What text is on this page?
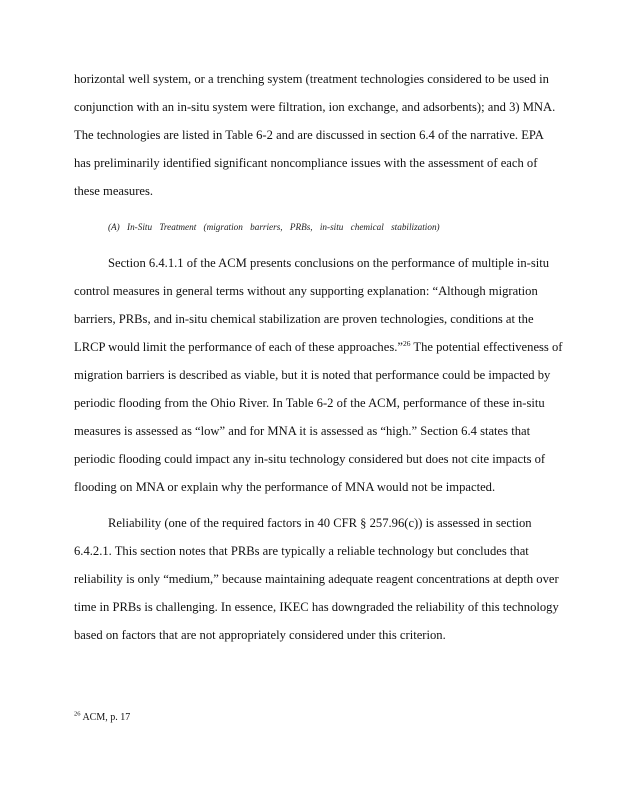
horizontal well system, or a trenching system (treatment technologies considered to be used in
conjunction with an in-situ system were filtration, ion exchange, and adsorbents); and 3) MNA.
The technologies are listed in Table 6-2 and are discussed in section 6.4 of the narrative. EPA
has preliminarily identified significant noncompliance issues with the assessment of each of
these measures.
(A) In-Situ Treatment (migration barriers, PRBs, in-situ chemical stabilization)
Section 6.4.1.1 of the ACM presents conclusions on the performance of multiple in-situ
control measures in general terms without any supporting explanation: “Although migration
barriers, PRBs, and in-situ chemical stabilization are proven technologies, conditions at the
LRCP would limit the performance of each of these approaches.”$^{26}$ The potential effectiveness of
migration barriers is described as viable, but it is noted that performance could be impacted by
periodic flooding from the Ohio River. In Table 6-2 of the ACM, performance of these in-situ
measures is assessed as “low” and for MNA it is assessed as “high.” Section 6.4 states that
periodic flooding could impact any in-situ technology considered but does not cite impacts of
flooding on MNA or explain why the performance of MNA would not be impacted.
Reliability (one of the required factors in 40 CFR § 257.96(c)) is assessed in section
6.4.2.1. This section notes that PRBs are typically a reliable technology but concludes that
reliability is only “medium,” because maintaining adequate reagent concentrations at depth over
time in PRBs is challenging. In essence, IKEC has downgraded the reliability of this technology
based on factors that are not appropriately considered under this criterion.
$^{26}$ ACM, p. 17
